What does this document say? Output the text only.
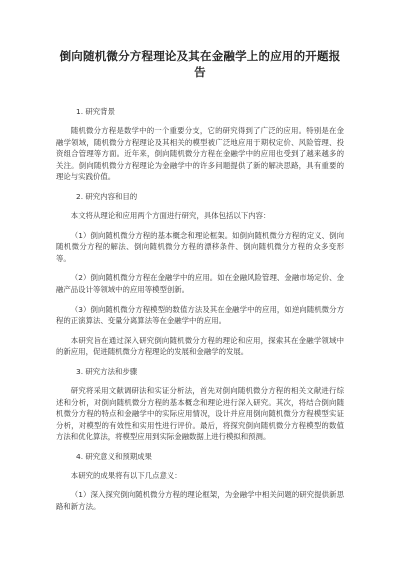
倒向随机微分方程理论及其在金融学上的应用的开题报告
1. 研究背景

随机微分方程是数学中的一个重要分支，它的研究得到了广泛的应用。特别是在金融学领域，随机微分方程理论及其相关的模型被广泛地应用于期权定价、风险管理、投资组合管理等方面。近年来，倒向随机微分方程在金融学中的应用也受到了越来越多的关注。倒向随机微分方程理论为金融学中的许多问题提供了新的解决思路，具有重要的理论与实践价值。

2. 研究内容和目的

本文将从理论和应用两个方面进行研究，具体包括以下内容：

（1）倒向随机微分方程的基本概念和理论框架。如倒向随机微分方程的定义、倒向随机微分方程的解法、倒向随机微分方程的漂移条件、倒向随机微分方程的众多变形等。

（2）倒向随机微分方程在金融学中的应用。如在金融风险管理、金融市场定价、金融产品设计等领域中的应用等模型创新。

（3）倒向随机微分方程模型的数值方法及其在金融学中的应用，如逆向随机微分方程的正演算法、变量分离算法等在金融学中的应用。

本研究旨在通过深入研究倒向随机微分方程的理论和应用，探索其在金融学领域中的新应用，促进随机微分方程理论的发展和金融学的发展。

3. 研究方法和步骤

研究将采用文献调研法和实证分析法，首先对倒向随机微分方程的相关文献进行综述和分析，对倒向随机微分方程的基本概念和理论进行深入研究。其次，将结合倒向随机微分方程的特点和金融学中的实际应用情况，设计并应用倒向随机微分方程模型实证分析，对模型的有效性和实用性进行评价。最后，将探究倒向随机微分方程模型的数值方法和优化算法，将模型应用到实际金融数据上进行模拟和预测。

4. 研究意义和预期成果

本研究的成果将有以下几点意义：

（1）深入探究倒向随机微分方程的理论框架，为金融学中相关问题的研究提供新思路和新方法。
